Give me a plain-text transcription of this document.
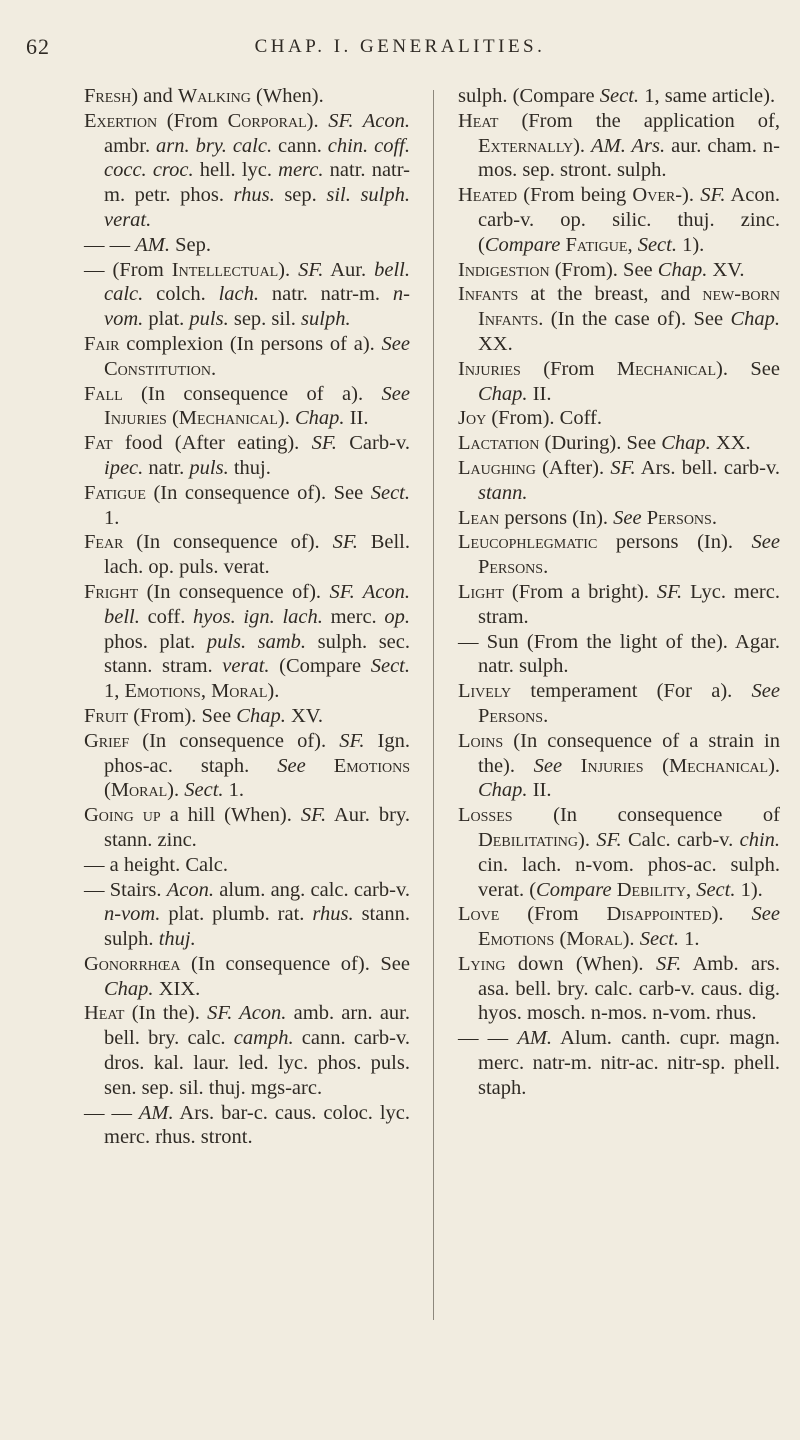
62	CHAP. I. GENERALITIES.

Fresh) and Walking (When).

Exertion (From Corporal). SF. Acon. ambr. arn. bry. calc. cann. chin. coff. cocc. croc. hell. lyc. merc. natr. natr-m. petr. phos. rhus. sep. sil. sulph. verat.

— — AM. Sep.

— (From Intellectual). SF. Aur. bell. calc. colch. lach. natr. natr-m. n-vom. plat. puls. sep. sil. sulph.

Fair complexion (In persons of a). See Constitution.

Fall (In consequence of a). See Injuries (Mechanical). Chap. II.

Fat food (After eating). SF. Carb-v. ipec. natr. puls. thuj.

Fatigue (In consequence of). See Sect. 1.

Fear (In consequence of). SF. Bell. lach. op. puls. verat.

Fright (In consequence of). SF. Acon. bell. coff. hyos. ign. lach. merc. op. phos. plat. puls. samb. sulph. sec. stann. stram. verat. (Compare Sect. 1, Emotions, Moral).

Fruit (From). See Chap. XV.

Grief (In consequence of). SF. Ign. phos-ac. staph. See Emotions (Moral). Sect. 1.

Going up a hill (When). SF. Aur. bry. stann. zinc.

— a height. Calc.

— Stairs. Acon. alum. ang. calc. carb-v. n-vom. plat. plumb. rat. rhus. stann. sulph. thuj.

Gonorrhœa (In consequence of). See Chap. XIX.

Heat (In the). SF. Acon. amb. arn. aur. bell. bry. calc. camph. cann. carb-v. dros. kal. laur. led. lyc. phos. puls. sen. sep. sil. thuj. mgs-arc.

— — AM. Ars. bar-c. caus. coloc. lyc. merc. rhus. stront.

sulph. (Compare Sect. 1, same article).

Heat (From the application of, Externally). AM. Ars. aur. cham. n-mos. sep. stront. sulph.

Heated (From being Over-). SF. Acon. carb-v. op. silic. thuj. zinc. (Compare Fatigue, Sect. 1).

Indigestion (From). See Chap. XV.

Infants at the breast, and new-born Infants. (In the case of). See Chap. XX.

Injuries (From Mechanical). See Chap. II.

Joy (From). Coff.

Lactation (During). See Chap. XX.

Laughing (After). SF. Ars. bell. carb-v. stann.

Lean persons (In). See Persons.

Leucophlegmatic persons (In). See Persons.

Light (From a bright). SF. Lyc. merc. stram.

— Sun (From the light of the). Agar. natr. sulph.

Lively temperament (For a). See Persons.

Loins (In consequence of a strain in the). See Injuries (Mechanical). Chap. II.

Losses (In consequence of Debilitating). SF. Calc. carb-v. chin. cin. lach. n-vom. phos-ac. sulph. verat. (Compare Debility, Sect. 1).

Love (From Disappointed). See Emotions (Moral). Sect. 1.

Lying down (When). SF. Amb. ars. asa. bell. bry. calc. carb-v. caus. dig. hyos. mosch. n-mos. n-vom. rhus.

— — AM. Alum. canth. cupr. magn. merc. natr-m. nitr-ac. nitr-sp. phell. staph.
